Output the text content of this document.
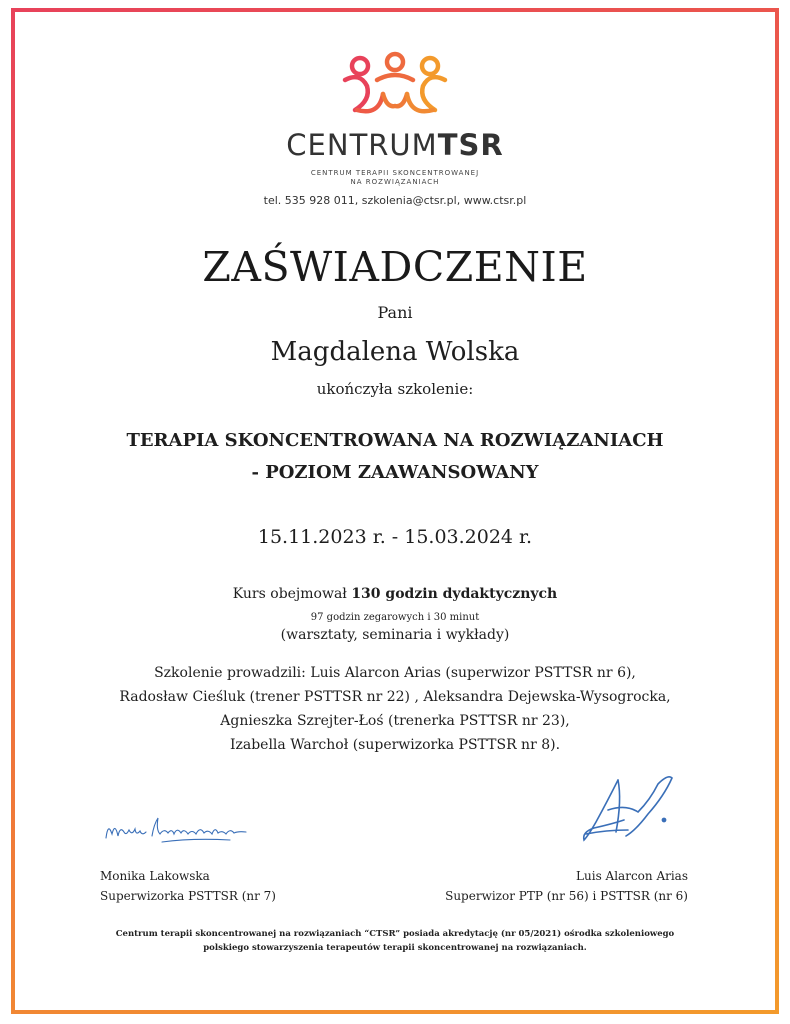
CENTRUMTSR
CENTRUM TERAPII SKONCENTROWANEJ
NA ROZWIĄZANIACH
tel. 535 928 011, szkolenia@ctsr.pl, www.ctsr.pl
ZAŚWIADCZENIE
Pani
Magdalena Wolska
ukończyła szkolenie:
TERAPIA SKONCENTROWANA NA ROZWIĄZANIACH
- POZIOM ZAAWANSOWANY
15.11.2023 r. - 15.03.2024 r.
Kurs obejmował 130 godzin dydaktycznych
97 godzin zegarowych i 30 minut
(warsztaty, seminaria i wykłady)
Szkolenie prowadzili: Luis Alarcon Arias (superwizor PSTTSR nr 6),
Radosław Cieśluk (trener PSTTSR nr 22) , Aleksandra Dejewska-Wysogrocka,
Agnieszka Szrejter-Łoś (trenerka PSTTSR nr 23),
Izabella Warchoł (superwizorka PSTTSR nr 8).
Monika Lakowska
Superwizorka PSTTSR (nr 7)
Luis Alarcon Arias
Superwizor PTP (nr 56) i PSTTSR (nr 6)
Centrum terapii skoncentrowanej na rozwiązaniach “CTSR” posiada akredytację (nr 05/2021) ośrodka szkoleniowego
polskiego stowarzyszenia terapeutów terapii skoncentrowanej na rozwiązaniach.
